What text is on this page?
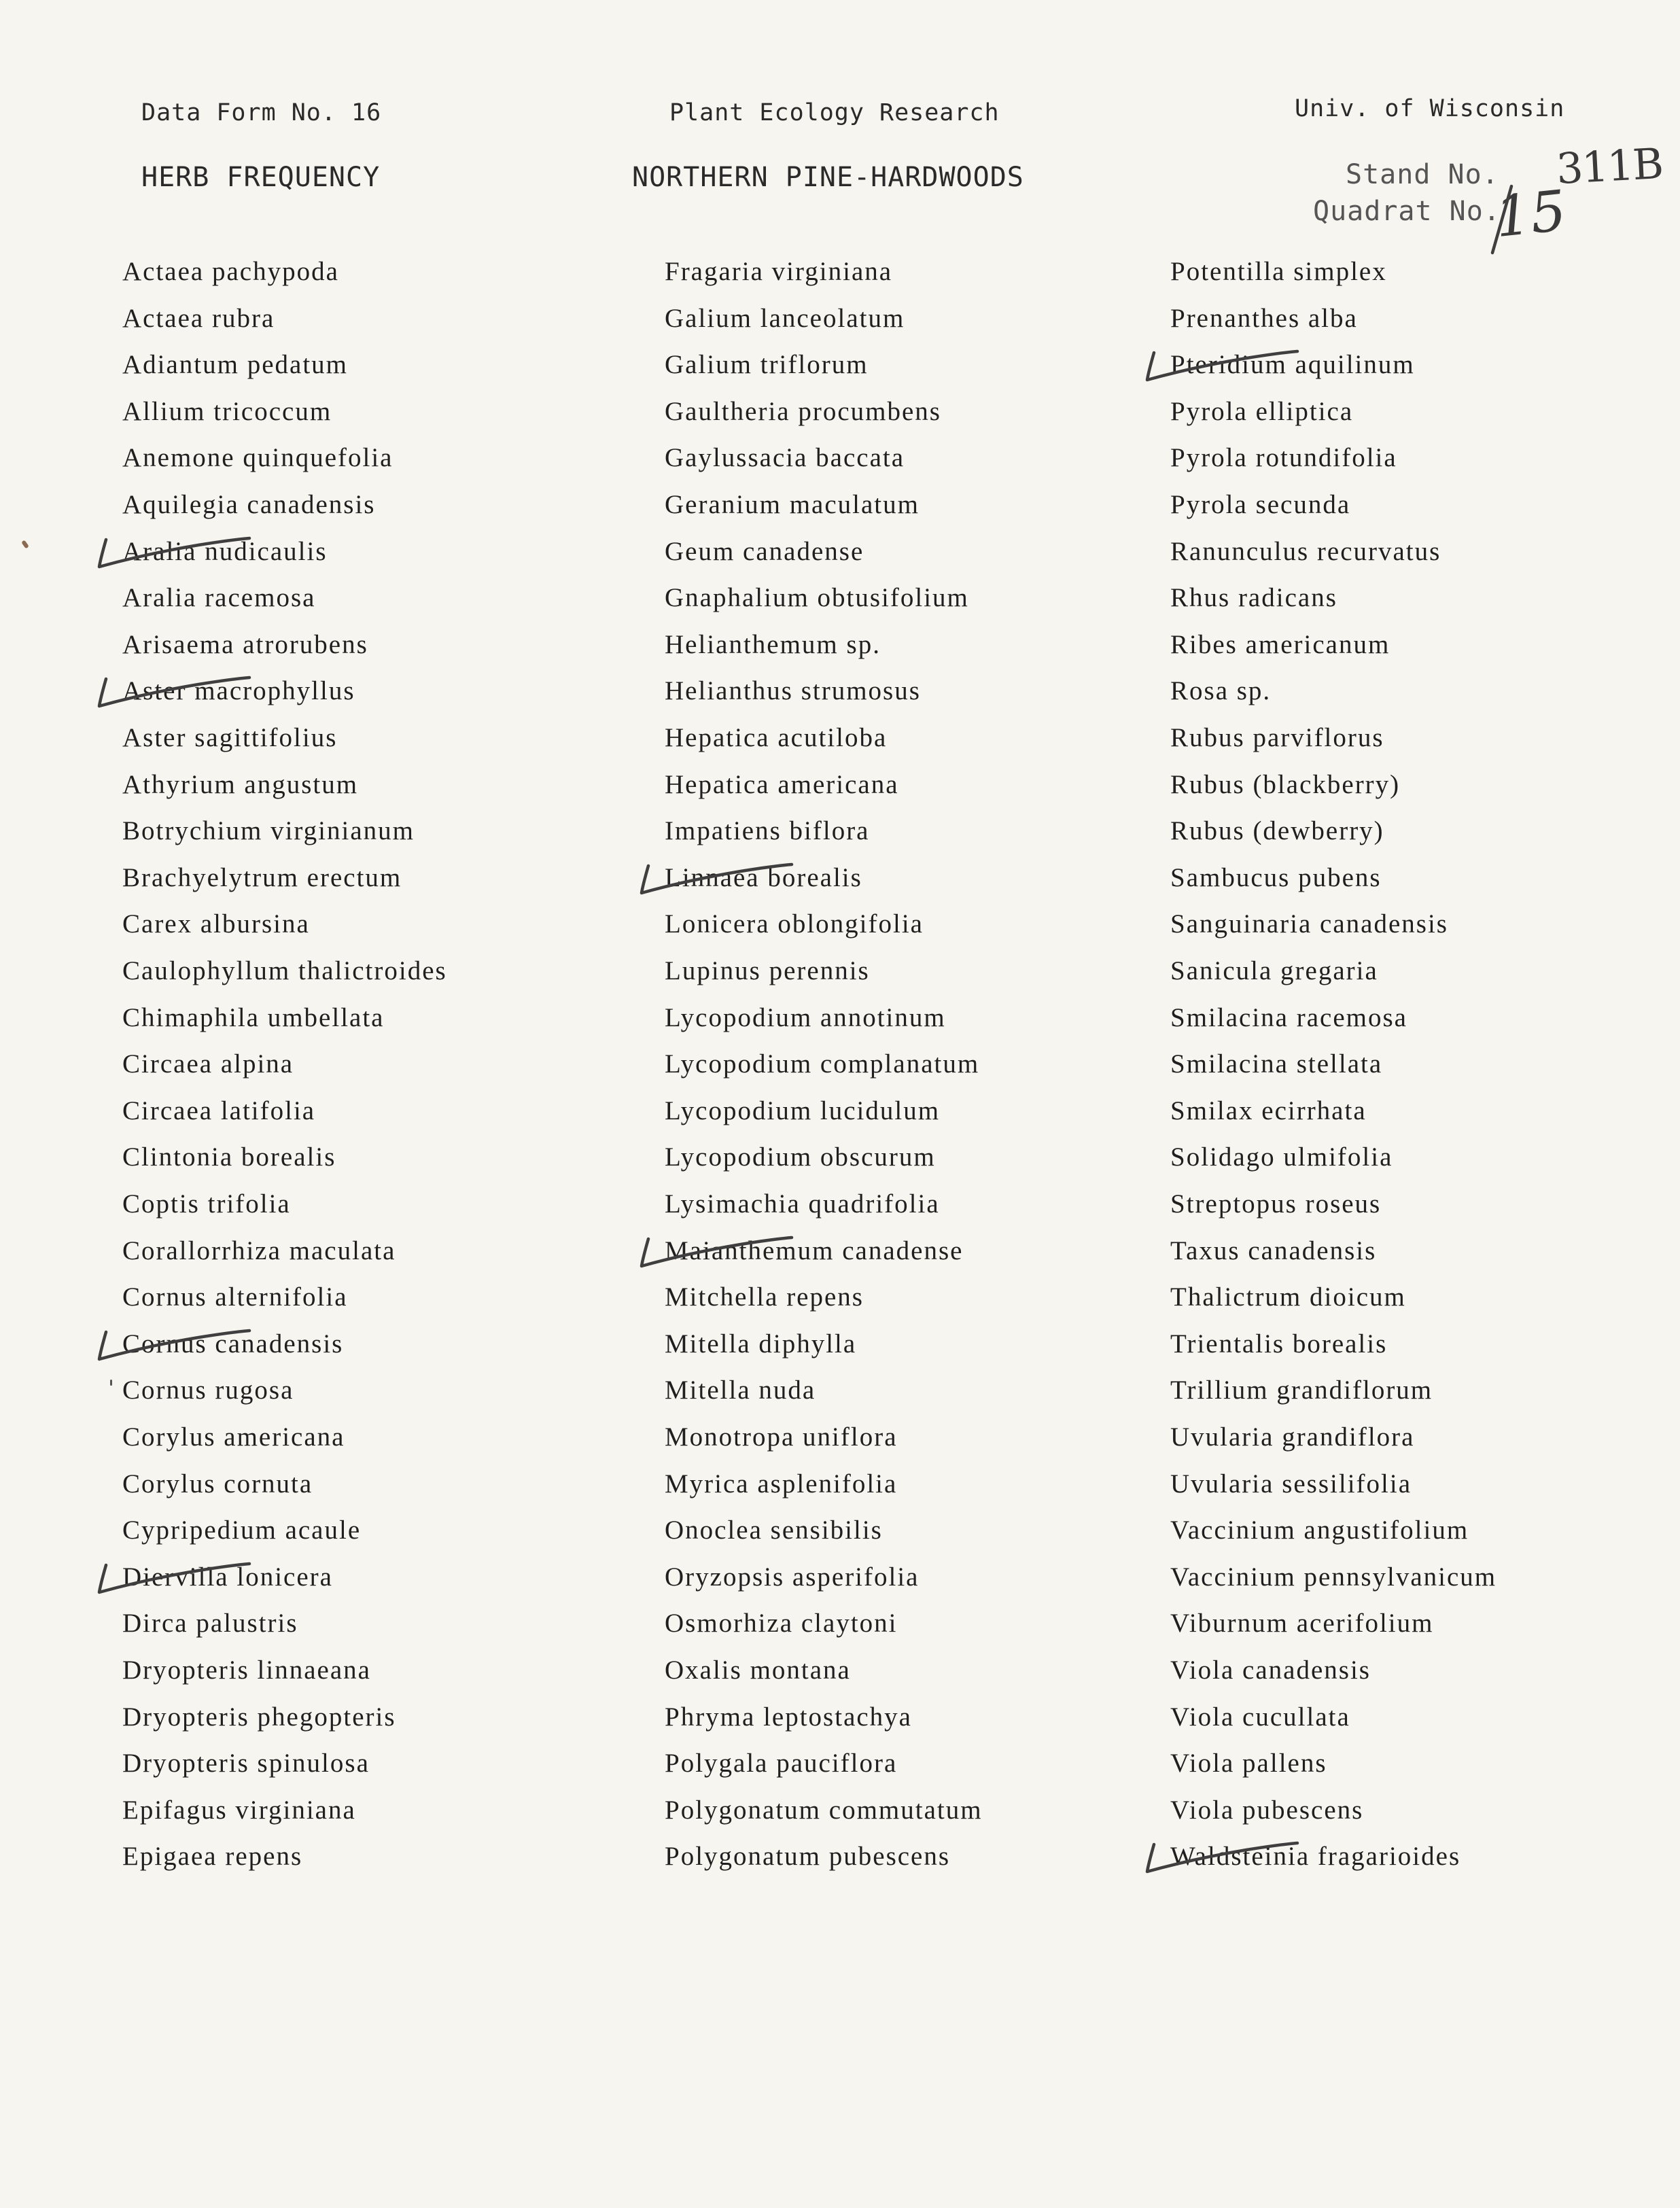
Data Form No. 16	Plant Ecology Research	Univ. of Wisconsin
HERB FREQUENCY	NORTHERN PINE-HARDWOODS	Stand No. 311B
Quadrat No.
15
Actaea pachypoda
Actaea rubra
Adiantum pedatum
Allium tricoccum
Anemone quinquefolia
Aquilegia canadensis
Aralia nudicaulis
Aralia racemosa
Arisaema atrorubens
Aster macrophyllus
Aster sagittifolius
Athyrium angustum
Botrychium virginianum
Brachyelytrum erectum
Carex albursina
Caulophyllum thalictroides
Chimaphila umbellata
Circaea alpina
Circaea latifolia
Clintonia borealis
Coptis trifolia
Corallorrhiza maculata
Cornus alternifolia
Cornus canadensis
Cornus rugosa
Corylus americana
Corylus cornuta
Cypripedium acaule
Diervilla lonicera
Dirca palustris
Dryopteris linnaeana
Dryopteris phegopteris
Dryopteris spinulosa
Epifagus virginiana
Epigaea repens
Fragaria virginiana
Galium lanceolatum
Galium triflorum
Gaultheria procumbens
Gaylussacia baccata
Geranium maculatum
Geum canadense
Gnaphalium obtusifolium
Helianthemum sp.
Helianthus strumosus
Hepatica acutiloba
Hepatica americana
Impatiens biflora
Linnaea borealis
Lonicera oblongifolia
Lupinus perennis
Lycopodium annotinum
Lycopodium complanatum
Lycopodium lucidulum
Lycopodium obscurum
Lysimachia quadrifolia
Maianthemum canadense
Mitchella repens
Mitella diphylla
Mitella nuda
Monotropa uniflora
Myrica asplenifolia
Onoclea sensibilis
Oryzopsis asperifolia
Osmorhiza claytoni
Oxalis montana
Phryma leptostachya
Polygala pauciflora
Polygonatum commutatum
Polygonatum pubescens
Potentilla simplex
Prenanthes alba
Pteridium aquilinum
Pyrola elliptica
Pyrola rotundifolia
Pyrola secunda
Ranunculus recurvatus
Rhus radicans
Ribes americanum
Rosa sp.
Rubus parviflorus
Rubus (blackberry)
Rubus (dewberry)
Sambucus pubens
Sanguinaria canadensis
Sanicula gregaria
Smilacina racemosa
Smilacina stellata
Smilax ecirrhata
Solidago ulmifolia
Streptopus roseus
Taxus canadensis
Thalictrum dioicum
Trientalis borealis
Trillium grandiflorum
Uvularia grandiflora
Uvularia sessilifolia
Vaccinium angustifolium
Vaccinium pennsylvanicum
Viburnum acerifolium
Viola canadensis
Viola cucullata
Viola pallens
Viola pubescens
Waldsteinia fragarioides
